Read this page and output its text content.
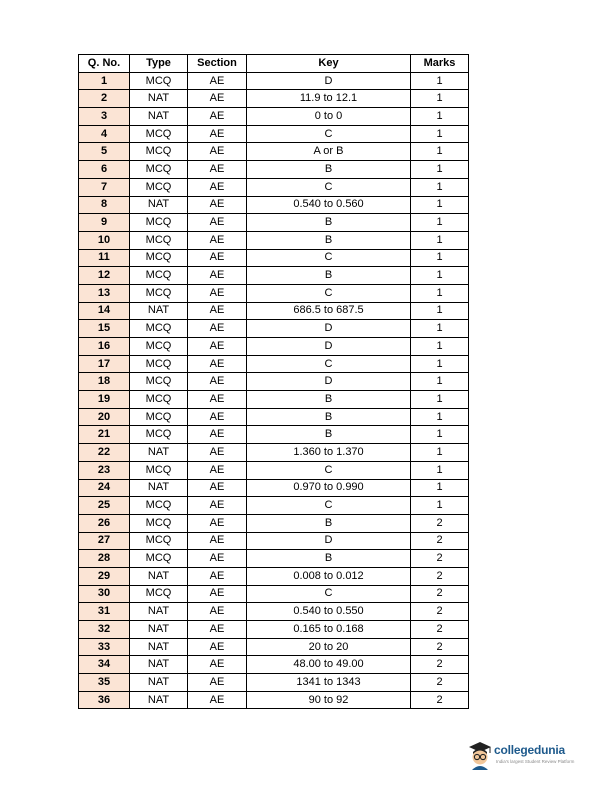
Q. No.	Type	Section	Key	Marks
1	MCQ	AE	D	1
2	NAT	AE	11.9 to 12.1	1
3	NAT	AE	0 to 0	1
4	MCQ	AE	C	1
5	MCQ	AE	A or B	1
6	MCQ	AE	B	1
7	MCQ	AE	C	1
8	NAT	AE	0.540 to 0.560	1
9	MCQ	AE	B	1
10	MCQ	AE	B	1
11	MCQ	AE	C	1
12	MCQ	AE	B	1
13	MCQ	AE	C	1
14	NAT	AE	686.5 to 687.5	1
15	MCQ	AE	D	1
16	MCQ	AE	D	1
17	MCQ	AE	C	1
18	MCQ	AE	D	1
19	MCQ	AE	B	1
20	MCQ	AE	B	1
21	MCQ	AE	B	1
22	NAT	AE	1.360 to 1.370	1
23	MCQ	AE	C	1
24	NAT	AE	0.970 to 0.990	1
25	MCQ	AE	C	1
26	MCQ	AE	B	2
27	MCQ	AE	D	2
28	MCQ	AE	B	2
29	NAT	AE	0.008 to 0.012	2
30	MCQ	AE	C	2
31	NAT	AE	0.540 to 0.550	2
32	NAT	AE	0.165 to 0.168	2
33	NAT	AE	20 to 20	2
34	NAT	AE	48.00 to 49.00	2
35	NAT	AE	1341 to 1343	2
36	NAT	AE	90 to 92	2
collegedunia
India's largest Student Review Platform
